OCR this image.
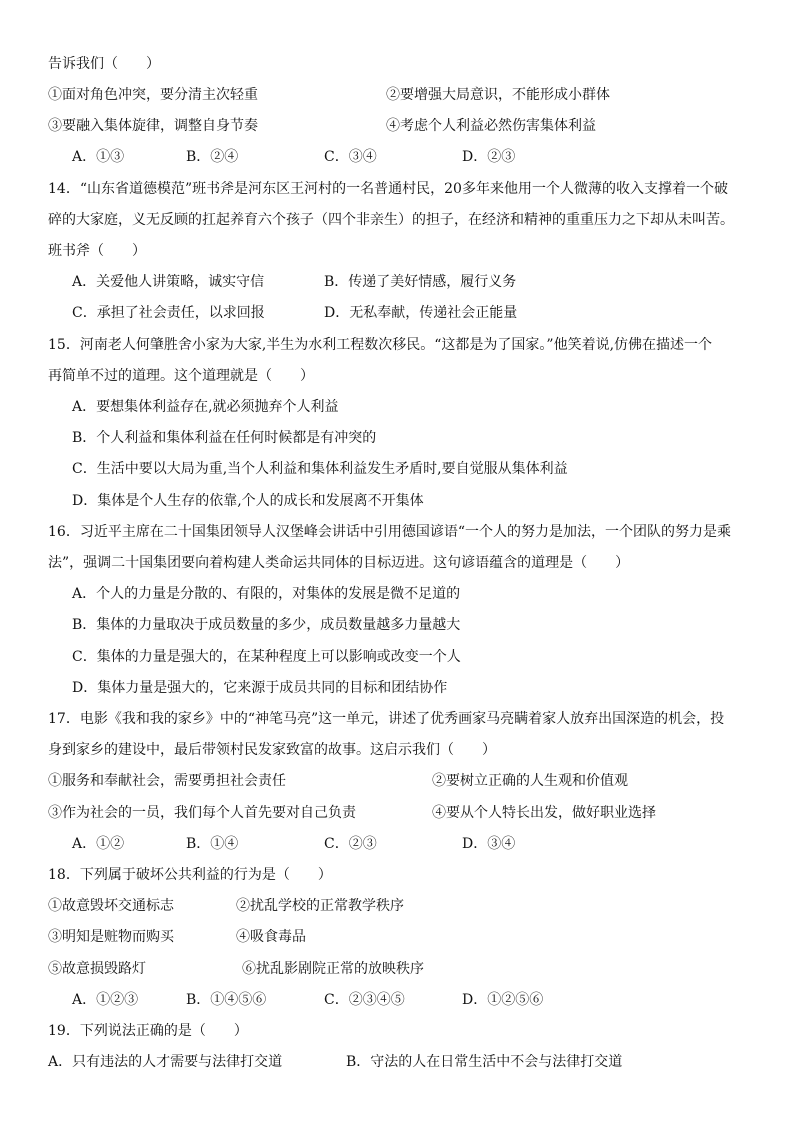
告诉我们（　　）
①面对角色冲突，要分清主次轻重	②要增强大局意识，不能形成小群体
③要融入集体旋律，调整自身节奏	④考虑个人利益必然伤害集体利益
A．①③	B．②④	C．③④	D．②③
14．“山东省道德模范”班书斧是河东区王河村的一名普通村民，20多年来他用一个人微薄的收入支撑着一个破
碎的大家庭，义无反顾的扛起养育六个孩子（四个非亲生）的担子，在经济和精神的重重压力之下却从未叫苦。
班书斧（　　）
A．关爱他人讲策略，诚实守信	B．传递了美好情感，履行义务
C．承担了社会责任，以求回报	D．无私奉献，传递社会正能量
15．河南老人何肇胜舍小家为大家,半生为水利工程数次移民。“这都是为了国家。”他笑着说,仿佛在描述一个
再简单不过的道理。这个道理就是（　　）
A．要想集体利益存在,就必须抛弃个人利益
B．个人利益和集体利益在任何时候都是有冲突的
C．生活中要以大局为重,当个人利益和集体利益发生矛盾时,要自觉服从集体利益
D．集体是个人生存的依靠,个人的成长和发展离不开集体
16．习近平主席在二十国集团领导人汉堡峰会讲话中引用德国谚语“一个人的努力是加法，一个团队的努力是乘
法”，强调二十国集团要向着构建人类命运共同体的目标迈进。这句谚语蕴含的道理是（　　）
A．个人的力量是分散的、有限的，对集体的发展是微不足道的
B．集体的力量取决于成员数量的多少，成员数量越多力量越大
C．集体的力量是强大的，在某种程度上可以影响或改变一个人
D．集体力量是强大的，它来源于成员共同的目标和团结协作
17．电影《我和我的家乡》中的“神笔马亮”这一单元，讲述了优秀画家马亮瞒着家人放弃出国深造的机会，投
身到家乡的建设中，最后带领村民发家致富的故事。这启示我们（　　）
①服务和奉献社会，需要勇担社会责任	②要树立正确的人生观和价值观
③作为社会的一员，我们每个人首先要对自己负责	④要从个人特长出发，做好职业选择
A．①②	B．①④	C．②③	D．③④
18．下列属于破坏公共利益的行为是（　　）
①故意毁坏交通标志	②扰乱学校的正常教学秩序
③明知是赃物而购买	④吸食毒品
⑤故意损毁路灯	⑥扰乱影剧院正常的放映秩序
A．①②③	B．①④⑤⑥	C．②③④⑤	D．①②⑤⑥
19．下列说法正确的是（　　）
A．只有违法的人才需要与法律打交道	B．守法的人在日常生活中不会与法律打交道
